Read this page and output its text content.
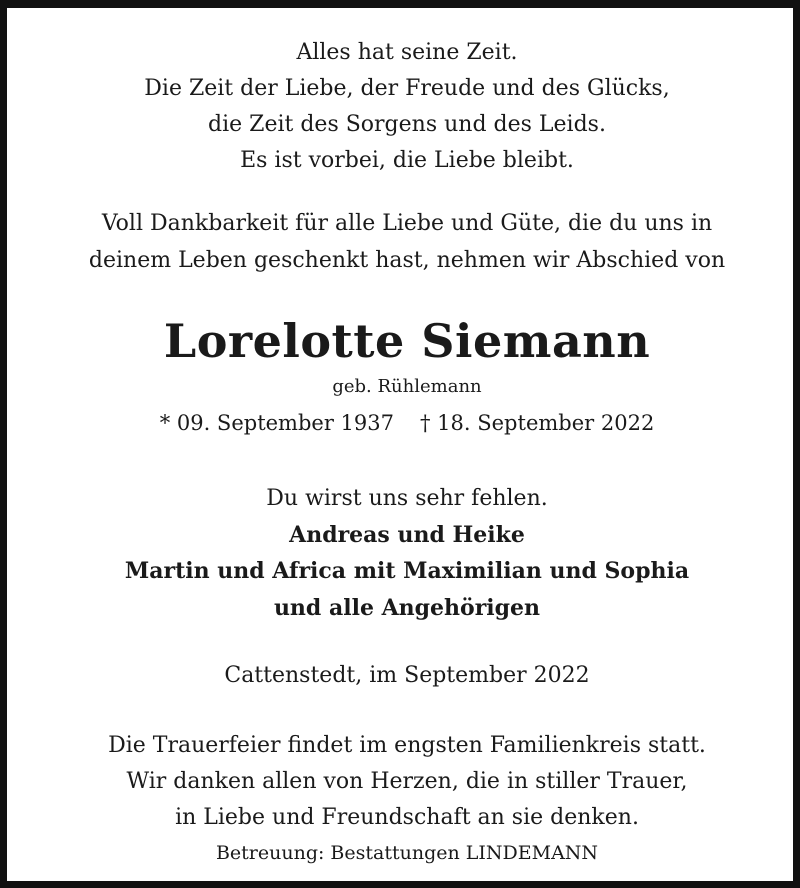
Alles hat seine Zeit.
Die Zeit der Liebe, der Freude und des Glücks,
die Zeit des Sorgens und des Leids.
Es ist vorbei, die Liebe bleibt.
Voll Dankbarkeit für alle Liebe und Güte, die du uns in
deinem Leben geschenkt hast, nehmen wir Abschied von
Lorelotte Siemann
geb. Rühlemann
* 09. September 1937 † 18. September 2022
Du wirst uns sehr fehlen.
Andreas und Heike
Martin und Africa mit Maximilian und Sophia
und alle Angehörigen
Cattenstedt, im September 2022
Die Trauerfeier findet im engsten Familienkreis statt.
Wir danken allen von Herzen, die in stiller Trauer,
in Liebe und Freundschaft an sie denken.
Betreuung: Bestattungen LINDEMANN
